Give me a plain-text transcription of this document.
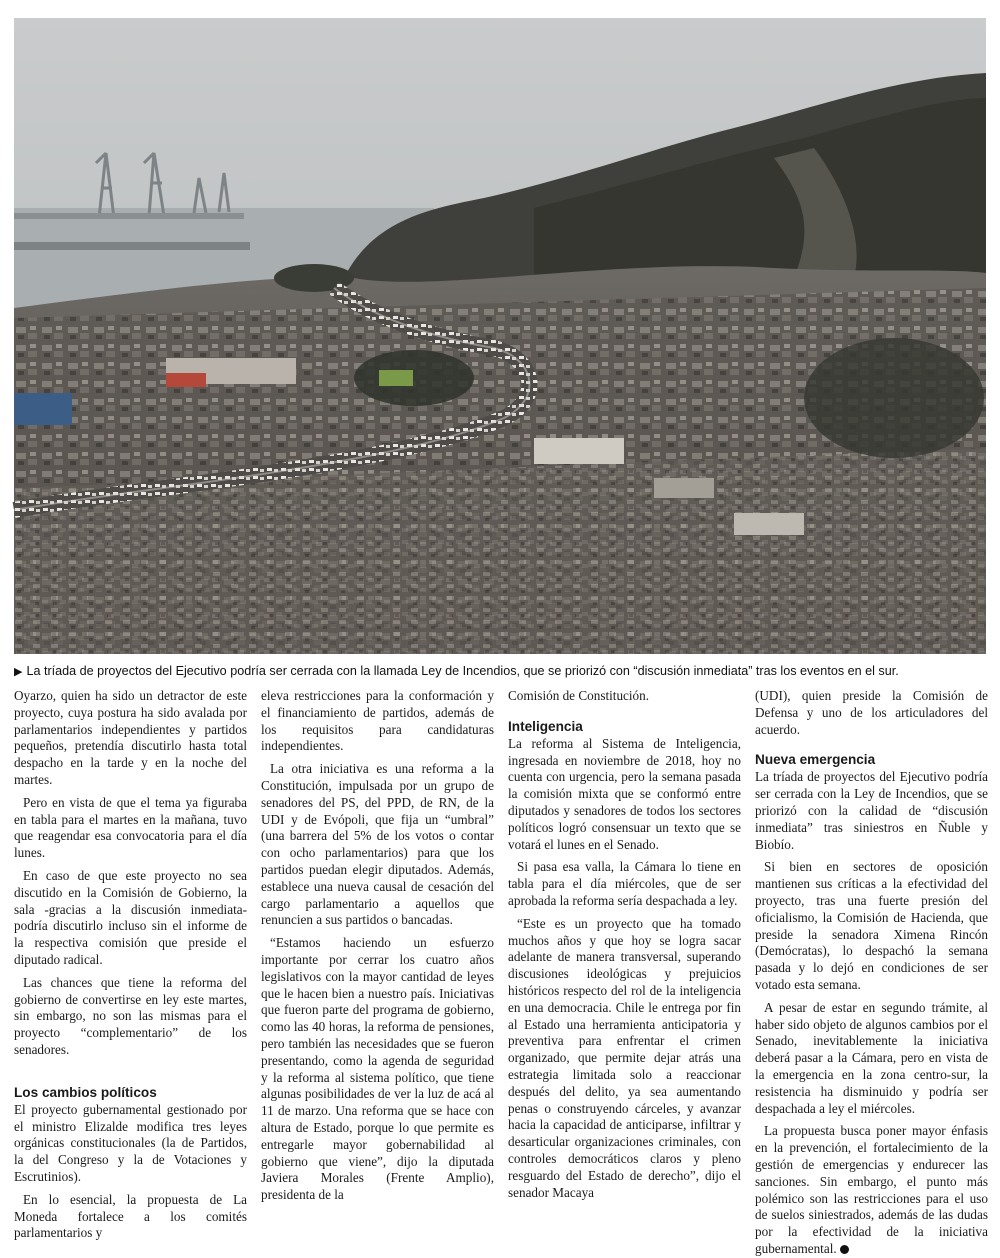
▶ La tríada de proyectos del Ejecutivo podría ser cerrada con la llamada Ley de Incendios, que se priorizó con “discusión inmediata” tras los eventos en el sur.

Oyarzo, quien ha sido un detractor de este proyecto, cuya postura ha sido avalada por parlamentarios independientes y partidos pequeños, pretendía discutirlo hasta total despacho en la tarde y en la noche del martes.

Pero en vista de que el tema ya figuraba en tabla para el martes en la mañana, tuvo que reagendar esa convocatoria para el día lunes.

En caso de que este proyecto no sea discutido en la Comisión de Gobierno, la sala -gracias a la discusión inmediata- podría discutirlo incluso sin el informe de la respectiva comisión que preside el diputado radical.

Las chances que tiene la reforma del gobierno de convertirse en ley este martes, sin embargo, no son las mismas para el proyecto “complementario” de los senadores.

Los cambios políticos

El proyecto gubernamental gestionado por el ministro Elizalde modifica tres leyes orgánicas constitucionales (la de Partidos, la del Congreso y la de Votaciones y Escrutinios).

En lo esencial, la propuesta de La Moneda fortalece a los comités parlamentarios y

eleva restricciones para la conformación y el financiamiento de partidos, además de los requisitos para candidaturas independientes.

La otra iniciativa es una reforma a la Constitución, impulsada por un grupo de senadores del PS, del PPD, de RN, de la UDI y de Evópoli, que fija un “umbral” (una barrera del 5% de los votos o contar con ocho parlamentarios) para que los partidos puedan elegir diputados. Además, establece una nueva causal de cesación del cargo parlamentario a aquellos que renuncien a sus partidos o bancadas.

“Estamos haciendo un esfuerzo importante por cerrar los cuatro años legislativos con la mayor cantidad de leyes que le hacen bien a nuestro país. Iniciativas que fueron parte del programa de gobierno, como las 40 horas, la reforma de pensiones, pero también las necesidades que se fueron presentando, como la agenda de seguridad y la reforma al sistema político, que tiene algunas posibilidades de ver la luz de acá al 11 de marzo. Una reforma que se hace con altura de Estado, porque lo que permite es entregarle mayor gobernabilidad al gobierno que viene”, dijo la diputada Javiera Morales (Frente Amplio), presidenta de la

Comisión de Constitución.

Inteligencia

La reforma al Sistema de Inteligencia, ingresada en noviembre de 2018, hoy no cuenta con urgencia, pero la semana pasada la comisión mixta que se conformó entre diputados y senadores de todos los sectores políticos logró consensuar un texto que se votará el lunes en el Senado.

Si pasa esa valla, la Cámara lo tiene en tabla para el día miércoles, que de ser aprobada la reforma sería despachada a ley.

“Este es un proyecto que ha tomado muchos años y que hoy se logra sacar adelante de manera transversal, superando discusiones ideológicas y prejuicios históricos respecto del rol de la inteligencia en una democracia. Chile le entrega por fin al Estado una herramienta anticipatoria y preventiva para enfrentar el crimen organizado, que permite dejar atrás una estrategia limitada solo a reaccionar después del delito, ya sea aumentando penas o construyendo cárceles, y avanzar hacia la capacidad de anticiparse, infiltrar y desarticular organizaciones criminales, con controles democráticos claros y pleno resguardo del Estado de derecho”, dijo el senador Macaya

(UDI), quien preside la Comisión de Defensa y uno de los articuladores del acuerdo.

Nueva emergencia

La tríada de proyectos del Ejecutivo podría ser cerrada con la Ley de Incendios, que se priorizó con la calidad de “discusión inmediata” tras siniestros en Ñuble y Biobío.

Si bien en sectores de oposición mantienen sus críticas a la efectividad del proyecto, tras una fuerte presión del oficialismo, la Comisión de Hacienda, que preside la senadora Ximena Rincón (Demócratas), lo despachó la semana pasada y lo dejó en condiciones de ser votado esta semana.

A pesar de estar en segundo trámite, al haber sido objeto de algunos cambios por el Senado, inevitablemente la iniciativa deberá pasar a la Cámara, pero en vista de la emergencia en la zona centro-sur, la resistencia ha disminuido y podría ser despachada a ley el miércoles.

La propuesta busca poner mayor énfasis en la prevención, el fortalecimiento de la gestión de emergencias y endurecer las sanciones. Sin embargo, el punto más polémico son las restricciones para el uso de suelos siniestrados, además de las dudas por la efectividad de la iniciativa gubernamental.
